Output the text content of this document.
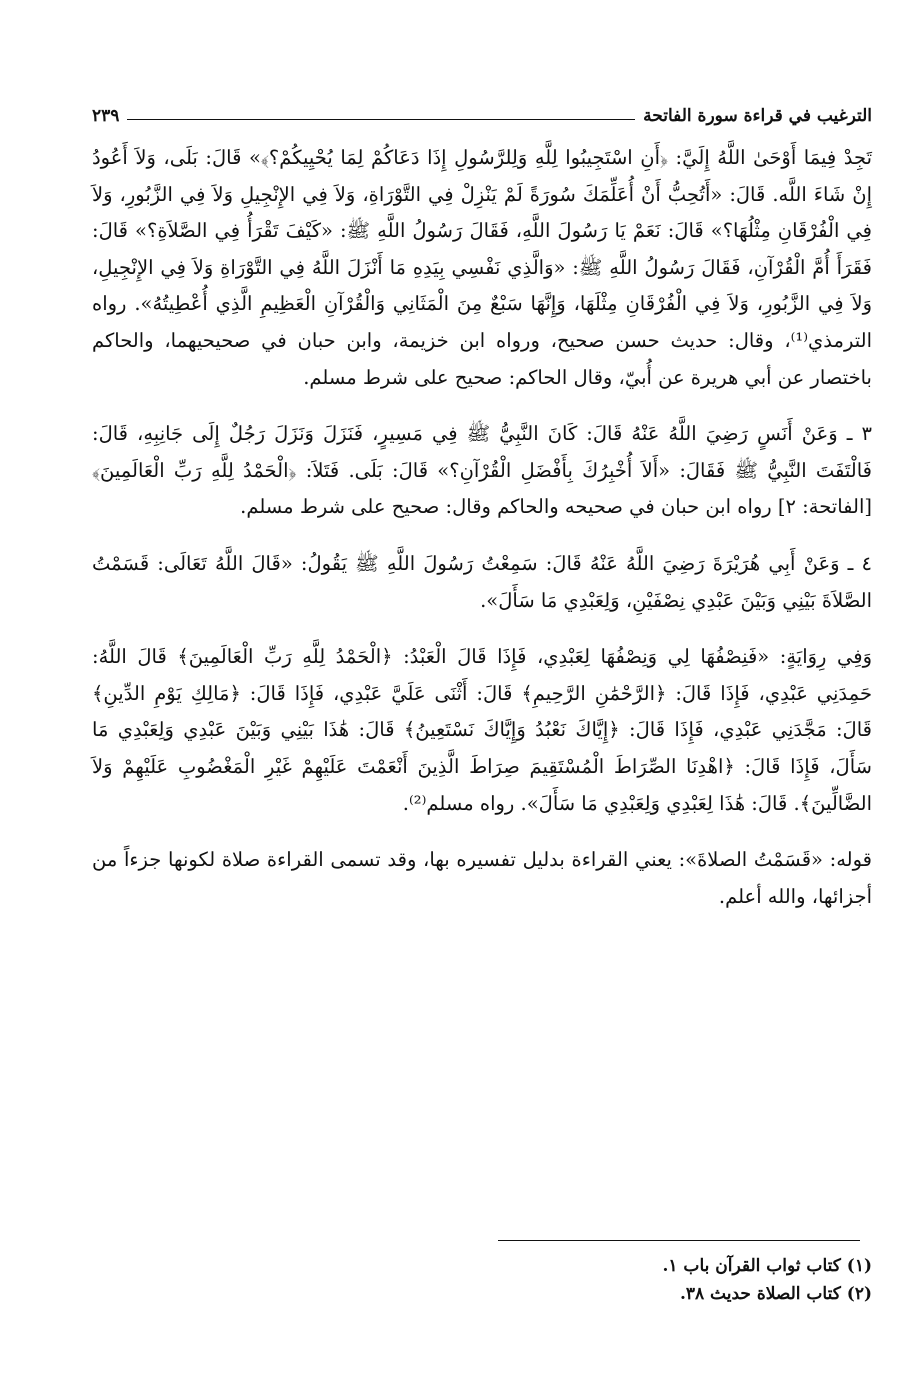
الترغيب في قراءة سورة الفاتحة
٢٣٩

تَجِدْ فِيمَا أَوْحَىٰ اللَّهُ إِلَيَّ: ﴿أَنِ اسْتَجِيبُوا لِلَّهِ وَلِلرَّسُولِ إِذَا دَعَاكُمْ لِمَا يُحْيِيكُمْ؟﴾» قَالَ: بَلَى، وَلاَ أَعُودُ إِنْ شَاءَ اللَّه. قَالَ: «أَتُحِبُّ أَنْ أُعَلِّمَكَ سُورَةً لَمْ يَنْزِلْ فِي التَّوْرَاةِ، وَلاَ فِي الإِنْجِيلِ وَلاَ فِي الزَّبُورِ، وَلاَ فِي الْفُرْقَانِ مِثْلُهَا؟» قَالَ: نَعَمْ يَا رَسُولَ اللَّهِ، فَقَالَ رَسُولُ اللَّهِ ﷺ: «كَيْفَ تَقْرَأُ فِي الصَّلاَةِ؟» قَالَ: فَقَرَأَ أُمَّ الْقُرْآنِ، فَقَالَ رَسُولُ اللَّهِ ﷺ: «وَالَّذِي نَفْسِي بِيَدِهِ مَا أَنْزَلَ اللَّهُ فِي التَّوْرَاةِ وَلاَ فِي الإِنْجِيلِ، وَلاَ فِي الزَّبُورِ، وَلاَ فِي الْفُرْقَانِ مِثْلَهَا، وَإِنَّهَا سَبْعٌ مِنَ الْمَثَانِي وَالْقُرْآنِ الْعَظِيمِ الَّذِي أُعْطِيتُهُ». رواه الترمذي⁽¹⁾، وقال: حديث حسن صحيح، ورواه ابن خزيمة، وابن حبان في صحيحيهما، والحاكم باختصار عن أبي هريرة عن أُبيّ، وقال الحاكم: صحيح على شرط مسلم.

٣ ـ وَعَنْ أَنَسٍ رَضِيَ اللَّهُ عَنْهُ قَالَ: كَانَ النَّبِيُّ ﷺ فِي مَسِيرٍ، فَنَزَلَ وَنَزَلَ رَجُلٌ إِلَى جَانِبِهِ، قَالَ: فَالْتَفَتَ النَّبِيُّ ﷺ فَقَالَ: «أَلاَ أُخْبِرُكَ بِأَفْضَلِ الْقُرْآنِ؟» قَالَ: بَلَى. فَتَلاَ: ﴿الْحَمْدُ لِلَّهِ رَبِّ الْعَالَمِينَ﴾ [الفاتحة: ٢] رواه ابن حبان في صحيحه والحاكم وقال: صحيح على شرط مسلم.

٤ ـ وَعَنْ أَبِي هُرَيْرَةَ رَضِيَ اللَّهُ عَنْهُ قَالَ: سَمِعْتُ رَسُولَ اللَّهِ ﷺ يَقُولُ: «قَالَ اللَّهُ تَعَالَى: قَسَمْتُ الصَّلاَةَ بَيْنِي وَبَيْنَ عَبْدِي نِصْفَيْنِ، وَلِعَبْدِي مَا سَأَلَ».

وَفِي رِوَايَةٍ: «فَنِصْفُهَا لِي وَنِصْفُهَا لِعَبْدِي، فَإِذَا قَالَ الْعَبْدُ: ﴿الْحَمْدُ لِلَّهِ رَبِّ الْعَالَمِينَ﴾ قَالَ اللَّهُ: حَمِدَنِي عَبْدِي، فَإِذَا قَالَ: ﴿الرَّحْمَٰنِ الرَّحِيمِ﴾ قَالَ: أَثْنَى عَلَيَّ عَبْدِي، فَإِذَا قَالَ: ﴿مَالِكِ يَوْمِ الدِّينِ﴾ قَالَ: مَجَّدَنِي عَبْدِي، فَإِذَا قَالَ: ﴿إِيَّاكَ نَعْبُدُ وَإِيَّاكَ نَسْتَعِينُ﴾ قَالَ: هَٰذَا بَيْنِي وَبَيْنَ عَبْدِي وَلِعَبْدِي مَا سَأَلَ، فَإِذَا قَالَ: ﴿اهْدِنَا الصِّرَاطَ الْمُسْتَقِيمَ صِرَاطَ الَّذِينَ أَنْعَمْتَ عَلَيْهِمْ غَيْرِ الْمَغْضُوبِ عَلَيْهِمْ وَلاَ الضَّالِّينَ﴾. قَالَ: هَٰذَا لِعَبْدِي وَلِعَبْدِي مَا سَأَلَ». رواه مسلم⁽²⁾.

قوله: «قَسَمْتُ الصلاةَ»: يعني القراءة بدليل تفسيره بها، وقد تسمى القراءة صلاة لكونها جزءاً من أجزائها، والله أعلم.

(١) كتاب ثواب القرآن باب ١.
(٢) كتاب الصلاة حديث ٣٨.
